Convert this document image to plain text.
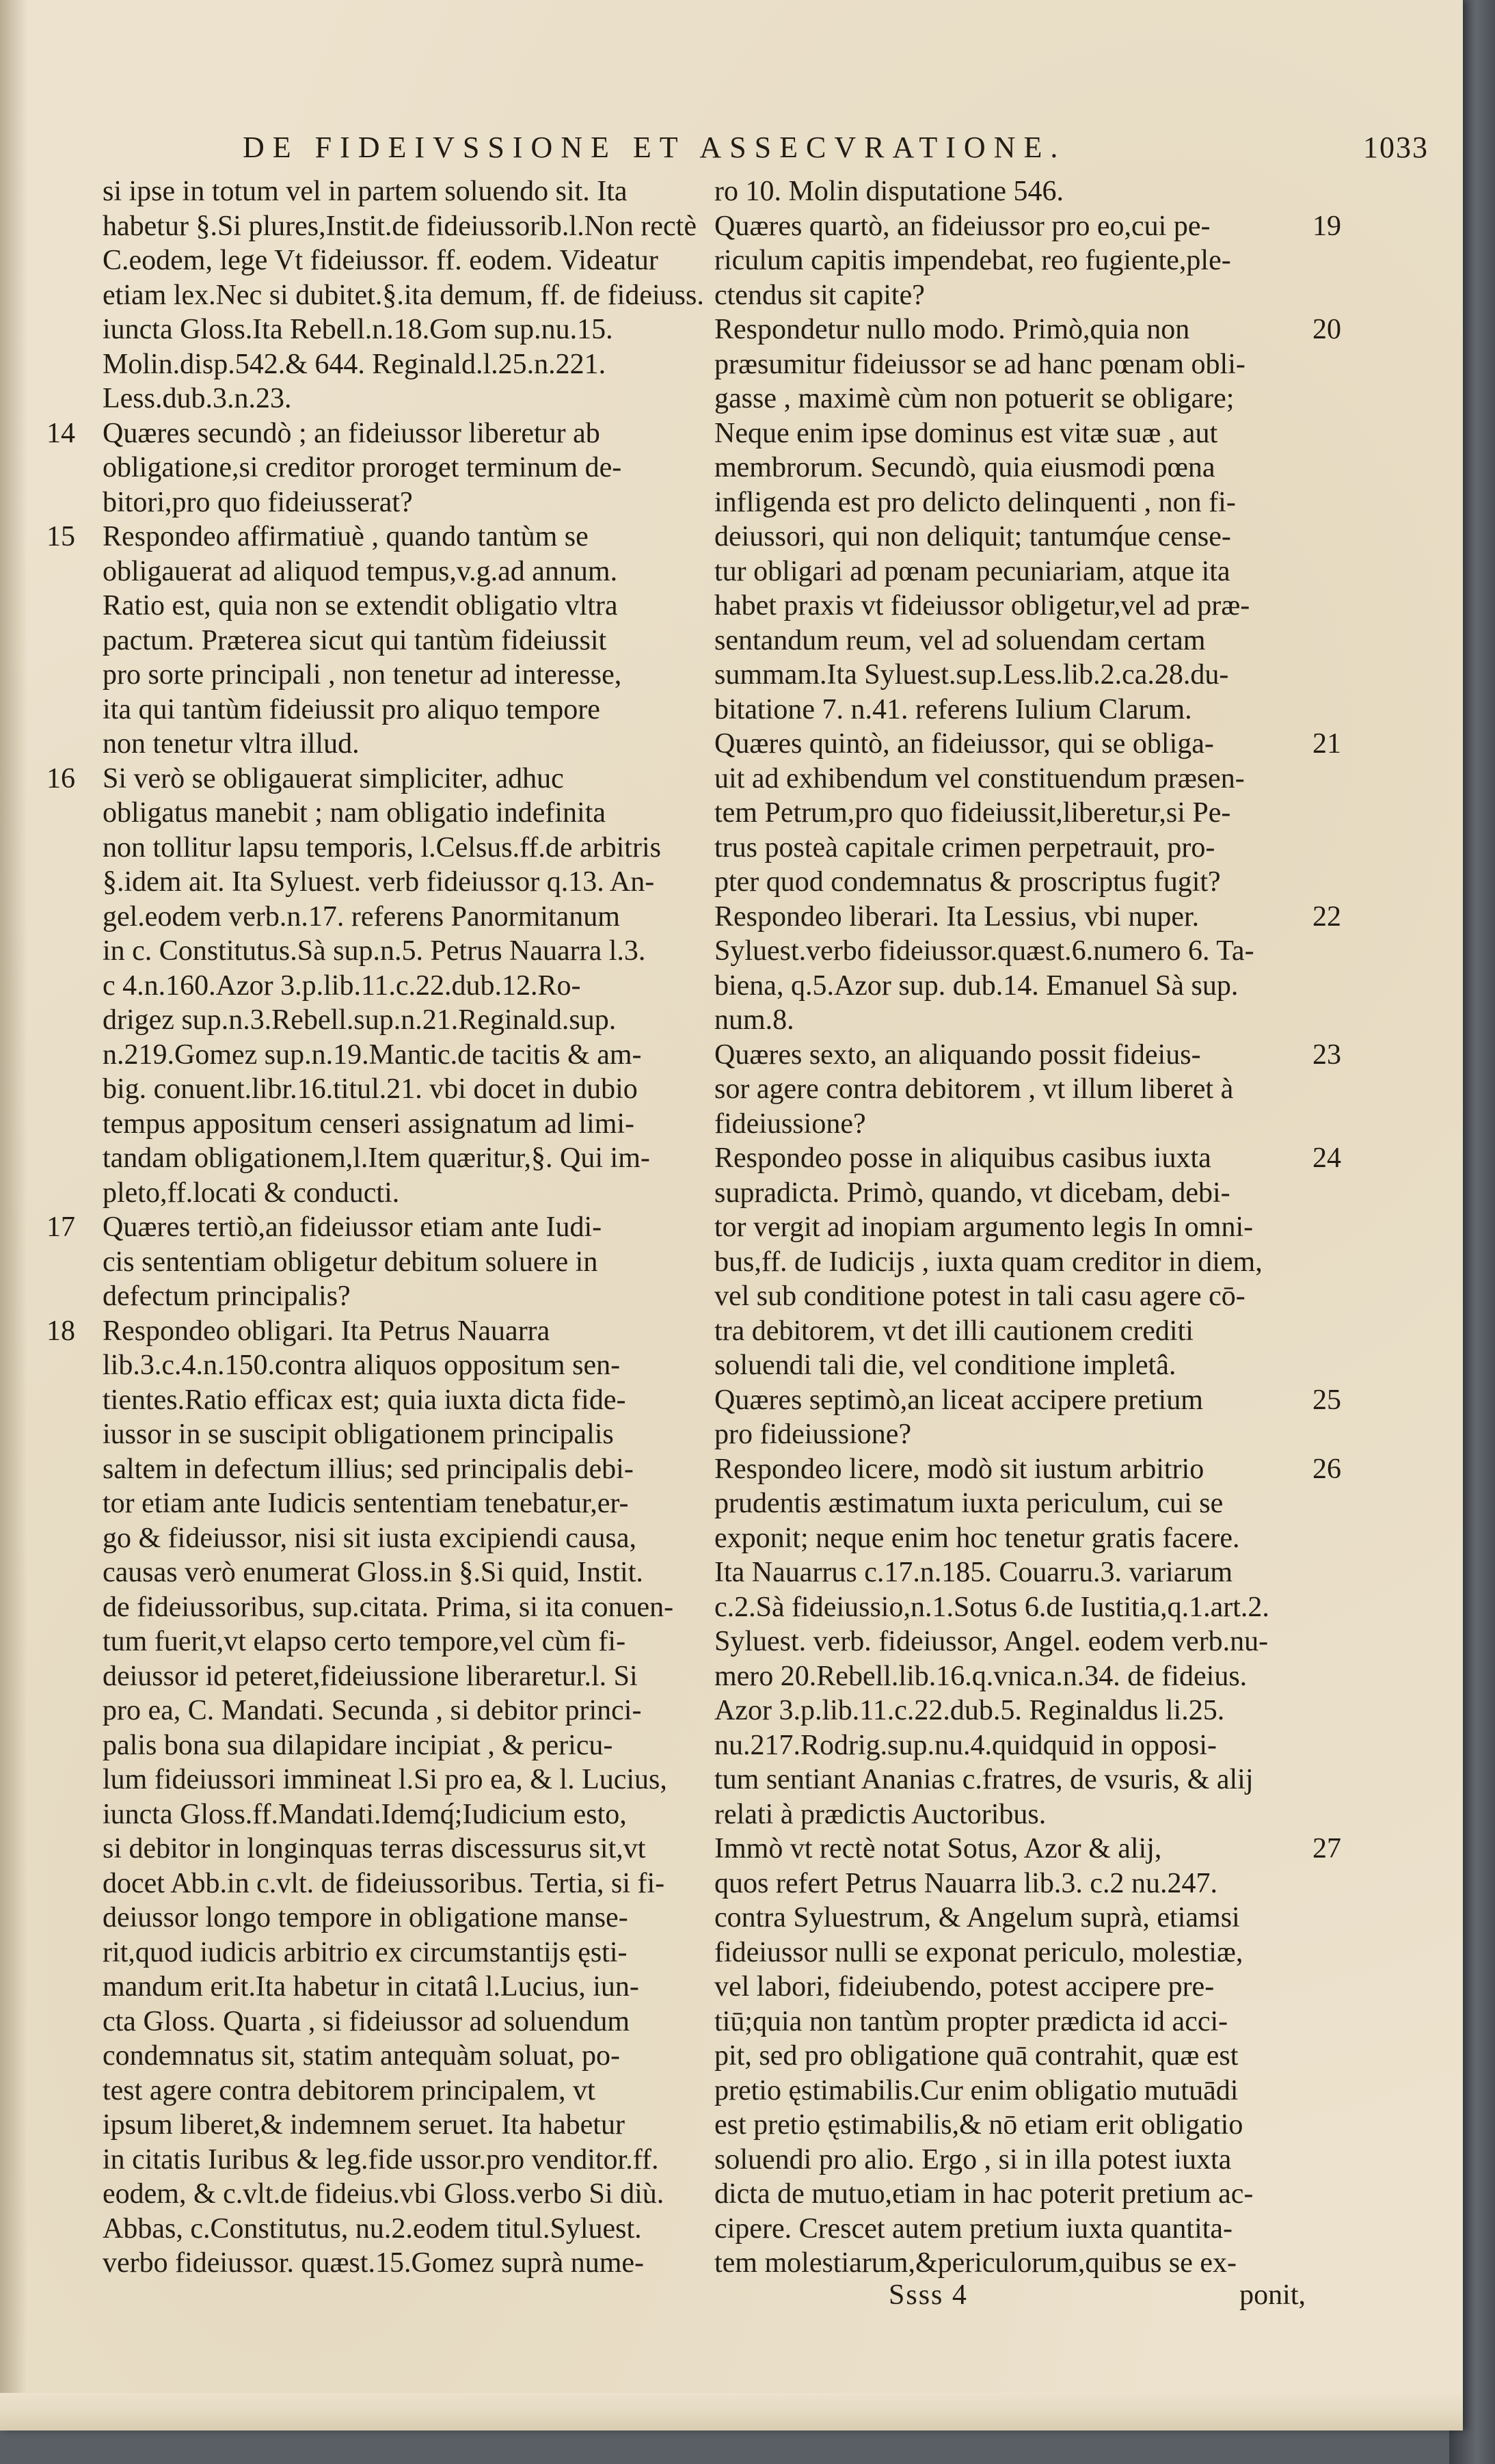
DE FIDEIVSSIONE ET ASSECVRATIONE.	1033
si ipse in totum vel in partem soluendo sit. Ita
habetur §.Si plures,Instit.de fideiussorib.l.Non rectè
C.eodem, lege Vt fideiussor. ff. eodem. Videatur
etiam lex.Nec si dubitet.§.ita demum, ff. de fideiuss.
iuncta Gloss.Ita Rebell.n.18.Gom sup.nu.15.
Molin.disp.542.& 644. Reginald.l.25.n.221.
Less.dub.3.n.23.
14 Quæres secundò ; an fideiussor liberetur ab
obligatione,si creditor proroget terminum de-
bitori,pro quo fideiusserat?
15 Respondeo affirmatiuè , quando tantùm se
obligauerat ad aliquod tempus,v.g.ad annum.
Ratio est, quia non se extendit obligatio vltra
pactum. Præterea sicut qui tantùm fideiussit
pro sorte principali , non tenetur ad interesse,
ita qui tantùm fideiussit pro aliquo tempore
non tenetur vltra illud.
16 Si verò se obligauerat simpliciter, adhuc
obligatus manebit ; nam obligatio indefinita
non tollitur lapsu temporis, l.Celsus.ff.de arbitris
§.idem ait. Ita Syluest. verb fideiussor q.13. An-
gel.eodem verb.n.17. referens Panormitanum
in c. Constitutus.Sà sup.n.5. Petrus Nauarra l.3.
c 4.n.160.Azor 3.p.lib.11.c.22.dub.12.Ro-
drigez sup.n.3.Rebell.sup.n.21.Reginald.sup.
n.219.Gomez sup.n.19.Mantic.de tacitis & am-
big. conuent.libr.16.titul.21. vbi docet in dubio
tempus appositum censeri assignatum ad limi-
tandam obligationem,l.Item quæritur,§. Qui im-
pleto,ff.locati & conducti.
17 Quæres tertiò,an fideiussor etiam ante Iudi-
cis sententiam obligetur debitum soluere in
defectum principalis?
18 Respondeo obligari. Ita Petrus Nauarra
lib.3.c.4.n.150.contra aliquos oppositum sen-
tientes.Ratio efficax est; quia iuxta dicta fide-
iussor in se suscipit obligationem principalis
saltem in defectum illius; sed principalis debi-
tor etiam ante Iudicis sententiam tenebatur,er-
go & fideiussor, nisi sit iusta excipiendi causa,
causas verò enumerat Gloss.in §.Si quid, Instit.
de fideiussoribus, sup.citata. Prima, si ita conuen-
tum fuerit,vt elapso certo tempore,vel cùm fi-
deiussor id peteret,fideiussione liberaretur.l. Si
pro ea, C. Mandati. Secunda , si debitor princi-
palis bona sua dilapidare incipiat , & pericu-
lum fideiussori immineat l.Si pro ea, & l. Lucius,
iuncta Gloss.ff.Mandati.Idemq́;Iudicium esto,
si debitor in longinquas terras discessurus sit,vt
docet Abb.in c.vlt. de fideiussoribus. Tertia, si fi-
deiussor longo tempore in obligatione manse-
rit,quod iudicis arbitrio ex circumstantijs ęsti-
mandum erit.Ita habetur in citatâ l.Lucius, iun-
cta Gloss. Quarta , si fideiussor ad soluendum
condemnatus sit, statim antequàm soluat, po-
test agere contra debitorem principalem, vt
ipsum liberet,& indemnem seruet. Ita habetur
in citatis Iuribus & leg.fide ussor.pro venditor.ff.
eodem, & c.vlt.de fideius.vbi Gloss.verbo Si diù.
Abbas, c.Constitutus, nu.2.eodem titul.Syluest.
verbo fideiussor. quæst.15.Gomez suprà nume-
ro 10. Molin disputatione 546.
19
Quæres quartò, an fideiussor pro eo,cui pe-
riculum capitis impendebat, reo fugiente,ple-
ctendus sit capite?
20
Respondetur nullo modo. Primò,quia non
præsumitur fideiussor se ad hanc pœnam obli-
gasse , maximè cùm non potuerit se obligare;
Neque enim ipse dominus est vitæ suæ , aut
membrorum. Secundò, quia eiusmodi pœna
infligenda est pro delicto delinquenti , non fi-
deiussori, qui non deliquit; tantumq́ue cense-
tur obligari ad pœnam pecuniariam, atque ita
habet praxis vt fideiussor obligetur,vel ad præ-
sentandum reum, vel ad soluendam certam
summam.Ita Syluest.sup.Less.lib.2.ca.28.du-
bitatione 7. n.41. referens Iulium Clarum.
21
Quæres quintò, an fideiussor, qui se obliga-
uit ad exhibendum vel constituendum præsen-
tem Petrum,pro quo fideiussit,liberetur,si Pe-
trus posteà capitale crimen perpetrauit, pro-
pter quod condemnatus & proscriptus fugit?
22
Respondeo liberari. Ita Lessius, vbi nuper.
Syluest.verbo fideiussor.quæst.6.numero 6. Ta-
biena, q.5.Azor sup. dub.14. Emanuel Sà sup.
num.8.
23
Quæres sexto, an aliquando possit fideius-
sor agere contra debitorem , vt illum liberet à
fideiussione?
24
Respondeo posse in aliquibus casibus iuxta
supradicta. Primò, quando, vt dicebam, debi-
tor vergit ad inopiam argumento legis In omni-
bus,ff. de Iudicijs , iuxta quam creditor in diem,
vel sub conditione potest in tali casu agere cō-
tra debitorem, vt det illi cautionem crediti
soluendi tali die, vel conditione impletâ.
25
Quæres septimò,an liceat accipere pretium
pro fideiussione?
26
Respondeo licere, modò sit iustum arbitrio
prudentis æstimatum iuxta periculum, cui se
exponit; neque enim hoc tenetur gratis facere.
Ita Nauarrus c.17.n.185. Couarru.3. variarum
c.2.Sà fideiussio,n.1.Sotus 6.de Iustitia,q.1.art.2.
Syluest. verb. fideiussor, Angel. eodem verb.nu-
mero 20.Rebell.lib.16.q.vnica.n.34. de fideius.
Azor 3.p.lib.11.c.22.dub.5. Reginaldus li.25.
nu.217.Rodrig.sup.nu.4.quidquid in opposi-
tum sentiant Ananias c.fratres, de vsuris, & alij
relati à prædictis Auctoribus.
27
Immò vt rectè notat Sotus, Azor & alij,
quos refert Petrus Nauarra lib.3. c.2 nu.247.
contra Syluestrum, & Angelum suprà, etiamsi
fideiussor nulli se exponat periculo, molestiæ,
vel labori, fideiubendo, potest accipere pre-
tiū;quia non tantùm propter prædicta id acci-
pit, sed pro obligatione quā contrahit, quæ est
pretio ęstimabilis.Cur enim obligatio mutuādi
est pretio ęstimabilis,& nō etiam erit obligatio
soluendi pro alio. Ergo , si in illa potest iuxta
dicta de mutuo,etiam in hac poterit pretium ac-
cipere. Crescet autem pretium iuxta quantita-
tem molestiarum,&periculorum,quibus se ex-
Ssss 4	ponit,
